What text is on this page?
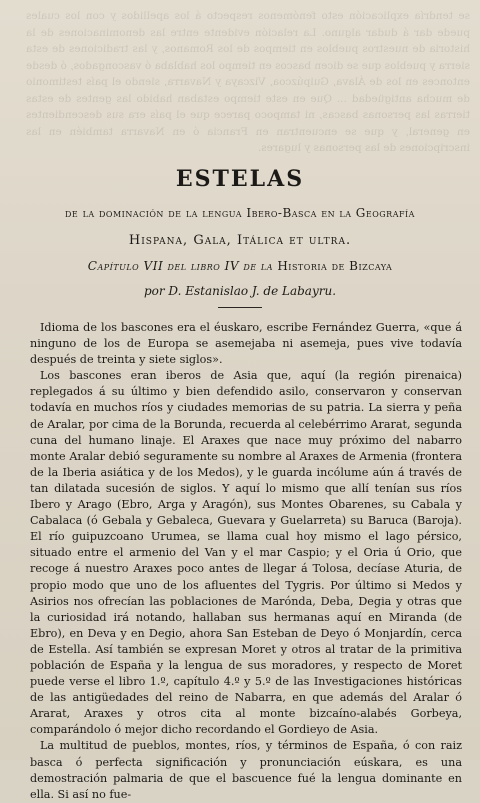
se tendría explicación esto fenómenos respecto á los apellidos y con los cuales puede dar á dudar alguno. La relación evidente entre las denominaciones de la historia de nuestros pueblos en tiempos de los Romanos, y las tradiciones de esta sierra y pueblos que se dicen bascos en tiempo los hablaba ó vascongados, ó desde entonces en los de Álava, Guipúzcoa, Vizcaya y Navarra, siendo el país testimonio de mucha antigüedad ... Que en este tiempo estaban habido las gentes de estas tierras las personas bascas, ni tampoco parece que el país era sus descendientes en general, y que se encuentran en Francia ó en Navarra también en las inscripciones de las personas y lugares.
ESTELAS
de la dominación de la lengua Ibero-Basca en la Geografía
Hispana, Gala, Itálica et ultra.
Capítulo VII del libro IV de la Historia de Bizcaya
por D. Estanislao J. de Labayru.

Idioma de los bascones era el éuskaro, escribe Fernández Guerra, «que á ninguno de los de Europa se asemejaba ni asemeja, pues vive todavía después de treinta y siete siglos».

Los bascones eran iberos de Asia que, aquí (la región pirenaica) replegados á su último y bien defendido asilo, conservaron y conservan todavía en muchos ríos y ciudades memorias de su patria. La sierra y peña de Aralar, por cima de la Borunda, recuerda al celebérrimo Ararat, segunda cuna del humano linaje. El Araxes que nace muy próximo del nabarro monte Aralar debió seguramente su nombre al Araxes de Armenia (frontera de la Iberia asiática y de los Medos), y le guarda incólume aún á través de tan dilatada sucesión de siglos. Y aquí lo mismo que allí tenían sus ríos Ibero y Arago (Ebro, Arga y Aragón), sus Montes Obarenes, su Cabala y Cabalaca (ó Gebala y Gebaleca, Guevara y Guelarreta) su Baruca (Baroja). El río guipuzcoano Urumea, se llama cual hoy mismo el lago pérsico, situado entre el armenio del Van y el mar Caspio; y el Oria ú Orio, que recoge á nuestro Araxes poco antes de llegar á Tolosa, decíase Aturia, de propio modo que uno de los afluentes del Tygris. Por último si Medos y Asirios nos ofrecían las poblaciones de Marónda, Deba, Degia y otras que la curiosidad irá notando, hallaban sus hermanas aquí en Miranda (de Ebro), en Deva y en Degio, ahora San Esteban de Deyo ó Monjardín, cerca de Estella. Así también se expresan Moret y otros al tratar de la primitiva población de España y la lengua de sus moradores, y respecto de Moret puede verse el libro 1.º, capítulo 4.º y 5.º de las Investigaciones históricas de las antigüedades del reino de Nabarra, en que además del Aralar ó Ararat, Araxes y otros cita al monte bizcaíno-alabés Gorbeya, comparándolo ó mejor dicho recordando el Gordieyo de Asia.

La multitud de pueblos, montes, ríos, y términos de España, ó con raiz basca ó perfecta significación y pronunciación eúskara, es una demostración palmaria de que el bascuence fué la lengua dominante en ella. Si así no fue-
